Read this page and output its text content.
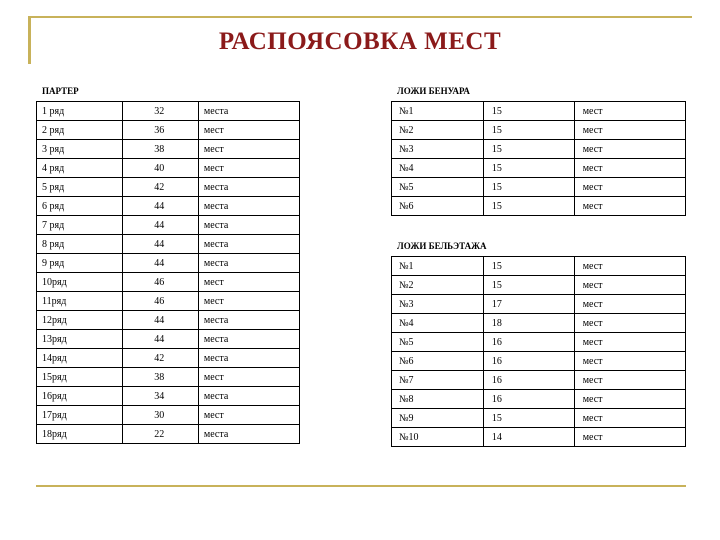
РАСПОЯСОВКА МЕСТ
ПАРТЕР	ЛОЖИ БЕНУАРА
ЛОЖИ БЕЛЬЭТАЖА
1 ряд	32	места
2 ряд	36	мест
3 ряд	38	мест
4 ряд	40	мест
5 ряд	42	места
6 ряд	44	места
7 ряд	44	места
8 ряд	44	места
9 ряд	44	места
10ряд	46	мест
11ряд	46	мест
12ряд	44	места
13ряд	44	места
14ряд	42	места
15ряд	38	мест
16ряд	34	места
17ряд	30	мест
18ряд	22	места
№1	15	мест
№2	15	мест
№3	15	мест
№4	15	мест
№5	15	мест
№6	15	мест
№1	15	мест
№2	15	мест
№3	17	мест
№4	18	мест
№5	16	мест
№6	16	мест
№7	16	мест
№8	16	мест
№9	15	мест
№10	14	мест
